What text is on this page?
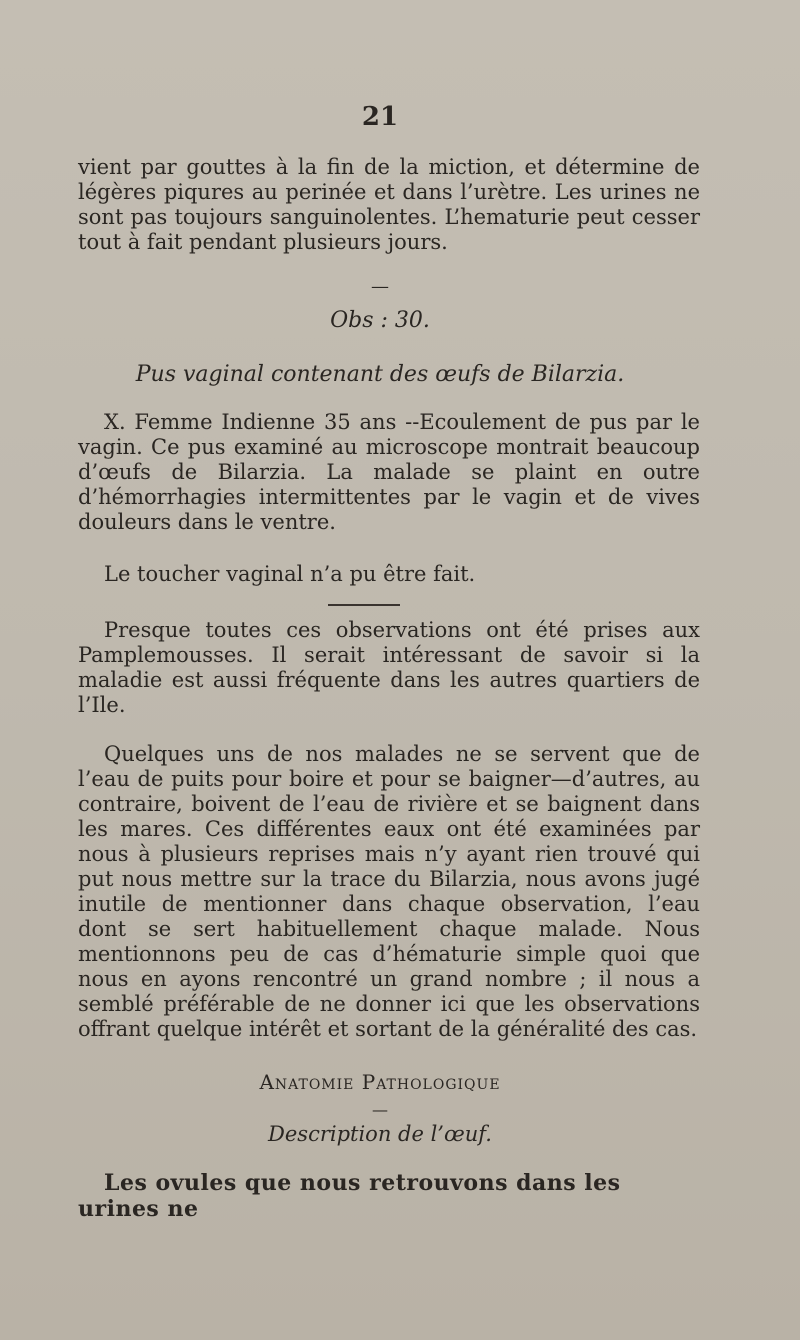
21

vient par gouttes à la fin de la miction, et détermine de légères piqures au perinée et dans l’urètre. Les urines ne sont pas toujours sanguinolentes. L’hematurie peut cesser tout à fait pendant plusieurs jours.

—
Obs : 30.
Pus vaginal contenant des œufs de Bilarzia.

X. Femme Indienne 35 ans --Ecoulement de pus par le vagin. Ce pus examiné au microscope montrait beaucoup d’œufs de Bilarzia. La malade se plaint en outre d’hémorrhagies intermittentes par le vagin et de vives douleurs dans le ventre.

Le toucher vaginal n’a pu être fait.

Presque toutes ces observations ont été prises aux Pamplemousses. Il serait intéressant de savoir si la maladie est aussi fréquente dans les autres quartiers de l’Ile.

Quelques uns de nos malades ne se servent que de l’eau de puits pour boire et pour se baigner—d’autres, au contraire, boivent de l’eau de rivière et se baignent dans les mares. Ces différentes eaux ont été examinées par nous à plusieurs reprises mais n’y ayant rien trouvé qui put nous mettre sur la trace du Bilarzia, nous avons jugé inutile de mentionner dans chaque observation, l’eau dont se sert habituellement chaque malade. Nous mentionnons peu de cas d’hématurie simple quoi que nous en ayons rencontré un grand nombre ; il nous a semblé préférable de ne donner ici que les observations offrant quelque intérêt et sortant de la généralité des cas.

Anatomie Pathologique
—
Description de l’œuf.

Les ovules que nous retrouvons dans les urines ne
